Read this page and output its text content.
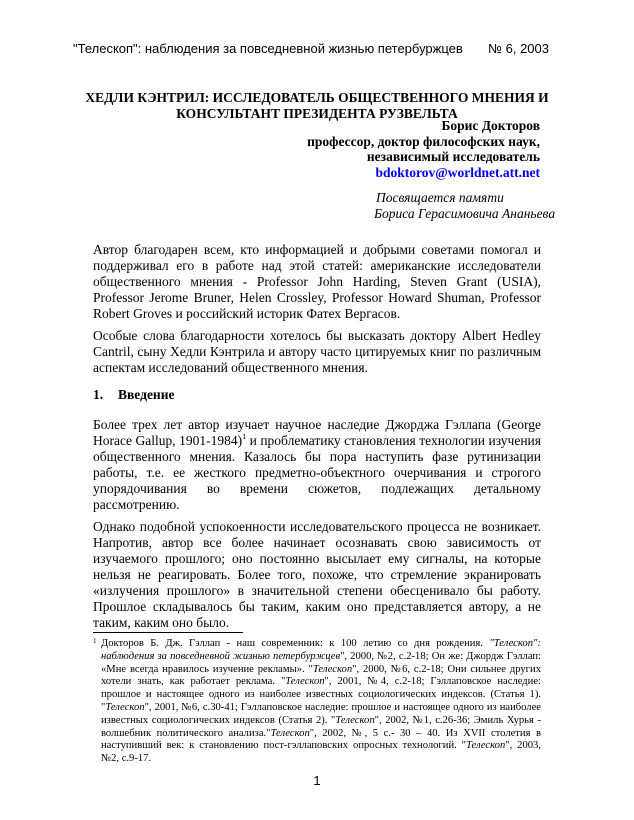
"Телескоп": наблюдения за повседневной жизнью петербуржцев № 6, 2003
ХЕДЛИ КЭНТРИЛ: ИССЛЕДОВАТЕЛЬ ОБЩЕСТВЕННОГО МНЕНИЯ И
КОНСУЛЬТАНТ ПРЕЗИДЕНТА РУЗВЕЛЬТА
Борис Докторов
профессор, доктор философских наук,
независимый исследователь
bdoktorov@worldnet.att.net
Посвящается памяти
Бориса Герасимовича Ананьева

Автор благодарен всем, кто информацией и добрыми советами помогал и поддерживал его в работе над этой статей: американские исследователи общественного мнения - Professor John Harding, Steven Grant (USIA), Professor Jerome Bruner, Helen Crossley, Professor Howard Shuman, Professor Robert Groves и российский историк Фатех Вергасов.

Особые слова благодарности хотелось бы высказать доктору Albert Hedley Cantril, сыну Хедли Кэнтрила и автору часто цитируемых книг по различным аспектам исследований общественного мнения.

1. Введение

Более трех лет автор изучает научное наследие Джорджа Гэллапа (George Horace Gallup, 1901-1984)$^1$ и проблематику становления технологии изучения общественного мнения. Казалось бы пора наступить фазе рутинизации работы, т.е. ее жесткого предметно-объектного очерчивания и строгого упорядочивания во времени сюжетов, подлежащих детальному рассмотрению.

Однако подобной успокоенности исследовательского процесса не возникает. Напротив, автор все более начинает осознавать свою зависимость от изучаемого прошлого; оно постоянно высылает ему сигналы, на которые нельзя не реагировать. Более того, похоже, что стремление экранировать «излучения прошлого» в значительной степени обесценивало бы работу. Прошлое складывалось бы таким, каким оно представляется автору, а не таким, каким оно было.

1 Докторов Б. Дж. Гэллап - наш современник: к 100 летию со дня рождения. "Телескоп": наблюдения за повседневной жизнью петербуржцев", 2000, №2, с.2-18; Он же: Джордж Гэллап: «Мне всегда нравилось изучение рекламы». "Телескоп", 2000, №6, с.2-18; Они сильнее других хотели знать, как работает реклама. "Телескоп", 2001, №4, с.2-18; Гэллаповское наследие: прошлое и настоящее одного из наиболее известных социологических индексов. (Статья 1). "Телескоп", 2001, №6, с.30-41; Гэллаповское наследие: прошлое и настоящее одного из наиболее известных социологических индексов (Статья 2). "Телескоп", 2002, №1, с.26-36; Эмиль Хурья - волшебник политического анализа."Телескоп", 2002, №, 5 с.- 30 – 40. Из XVII столетия в наступивший век: к становлению пост-гэллаповских опросных технологий. "Телескоп", 2003, №2, с.9-17.
1
